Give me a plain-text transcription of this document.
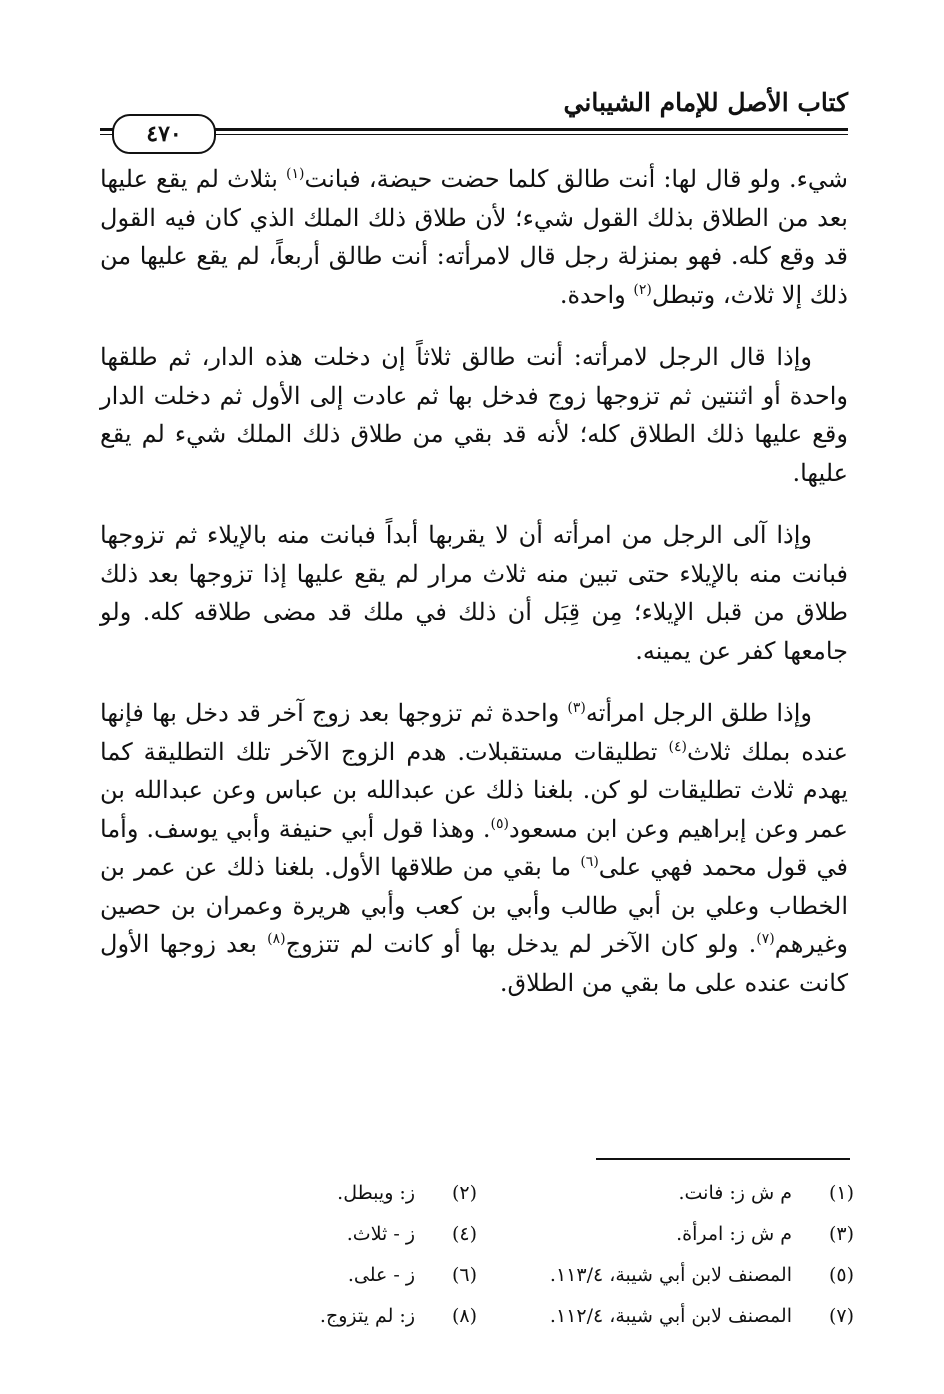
كتاب الأصل للإمام الشيباني
٤٧٠

شيء. ولو قال لها: أنت طالق كلما حضت حيضة، فبانت$^{(١)}$ بثلاث لم يقع عليها بعد من الطلاق بذلك القول شيء؛ لأن طلاق ذلك الملك الذي كان فيه القول قد وقع كله. فهو بمنزلة رجل قال لامرأته: أنت طالق أربعاً، لم يقع عليها من ذلك إلا ثلاث، وتبطل$^{(٢)}$ واحدة.

وإذا قال الرجل لامرأته: أنت طالق ثلاثاً إن دخلت هذه الدار، ثم طلقها واحدة أو اثنتين ثم تزوجها زوج فدخل بها ثم عادت إلى الأول ثم دخلت الدار وقع عليها ذلك الطلاق كله؛ لأنه قد بقي من طلاق ذلك الملك شيء لم يقع عليها.

وإذا آلى الرجل من امرأته أن لا يقربها أبداً فبانت منه بالإيلاء ثم تزوجها فبانت منه بالإيلاء حتى تبين منه ثلاث مرار لم يقع عليها إذا تزوجها بعد ذلك طلاق من قبل الإيلاء؛ مِن قِبَل أن ذلك في ملك قد مضى طلاقه كله. ولو جامعها كفر عن يمينه.

وإذا طلق الرجل امرأته$^{(٣)}$ واحدة ثم تزوجها بعد زوج آخر قد دخل بها فإنها عنده بملك ثلاث$^{(٤)}$ تطليقات مستقبلات. هدم الزوج الآخر تلك التطليقة كما يهدم ثلاث تطليقات لو كن. بلغنا ذلك عن عبدالله بن عباس وعن عبدالله بن عمر وعن إبراهيم وعن ابن مسعود$^{(٥)}$. وهذا قول أبي حنيفة وأبي يوسف. وأما في قول محمد فهي على$^{(٦)}$ ما بقي من طلاقها الأول. بلغنا ذلك عن عمر بن الخطاب وعلي بن أبي طالب وأبي بن كعب وأبي هريرة وعمران بن حصين وغيرهم$^{(٧)}$. ولو كان الآخر لم يدخل بها أو كانت لم تتزوج$^{(٨)}$ بعد زوجها الأول كانت عنده على ما بقي من الطلاق.

(١)
م ش ز: فانت.
(٢)
ز: ويبطل.
(٣)
م ش ز: امرأة.
(٤)
ز - ثلاث.
(٥)
المصنف لابن أبي شيبة، ١١٣/٤.
(٦)
ز - على.
(٧)
المصنف لابن أبي شيبة، ١١٢/٤.
(٨)
ز: لم يتزوج.
